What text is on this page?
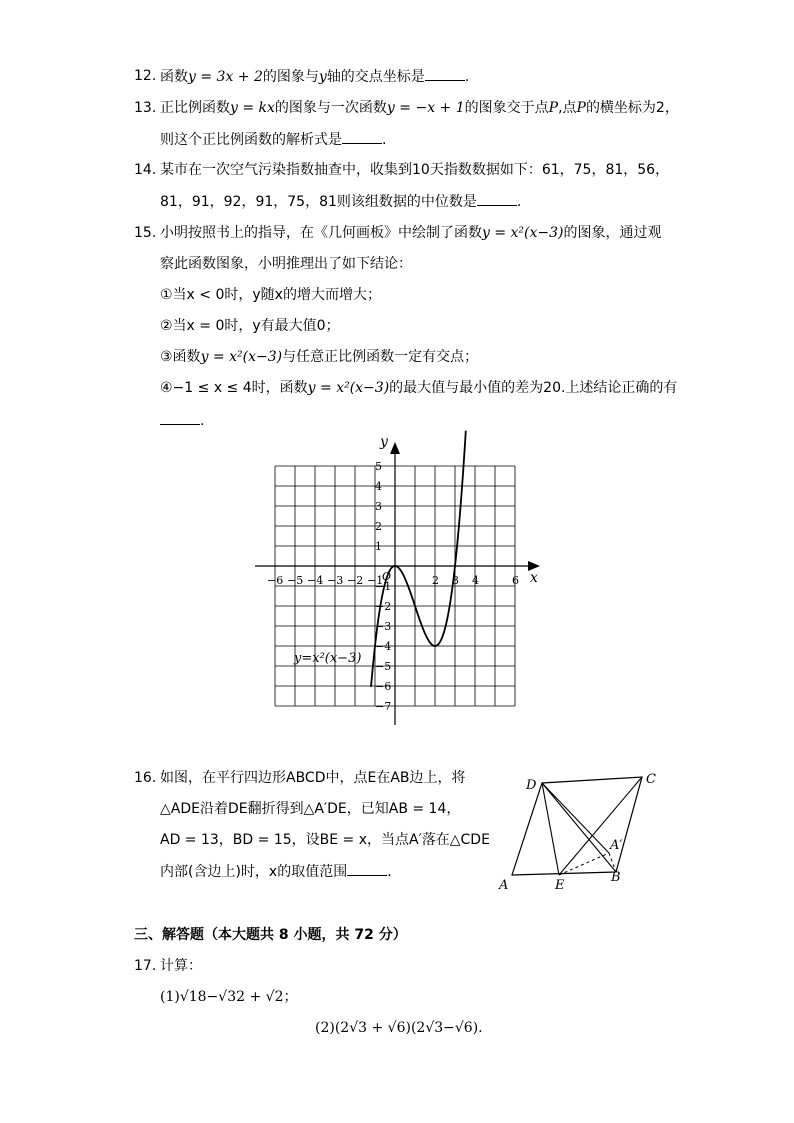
12. 函数y = 3x + 2的图象与y轴的交点坐标是	.
13. 正比例函数y = kx的图象与一次函数y = −x + 1的图象交于点P,点P的横坐标为2，
则这个正比例函数的解析式是	.
14. 某市在一次空气污染指数抽查中，收集到10天指数数据如下：61，75，81，56，
81，91，92，91，75，81则该组数据的中位数是	.
15. 小明按照书上的指导，在《几何画板》中绘制了函数y = x²(x−3)的图象，通过观
察此函数图象，小明推理出了如下结论：
①当x < 0时，y随x的增大而增大；
②当x = 0时，y有最大值0；
③函数y = x²(x−3)与任意正比例函数一定有交点；
④−1 ≤ x ≤ 4时，函数y = x²(x−3)的最大值与最小值的差为20.上述结论正确的有
.
y
x
O
−6 −5 −4 −3 −2 −1	2 3 4	6
5
4
3
2
1
−1
−2
−3
−4
−5
−6
−7
y=x²(x−3)
16. 如图，在平行四边形ABCD中，点E在AB边上，将
△ADE沿着DE翻折得到△A′DE，已知AB = 14，
AD = 13，BD = 15，设BE = x，当点A′落在△CDE
内部(含边上)时，x的取值范围	.
A
B
C
D
E
A′
三、解答题（本大题共 8 小题，共 72 分）
17. 计算：
(1)√18−√32 + √2；
(2)(2√3 + √6)(2√3−√6).
